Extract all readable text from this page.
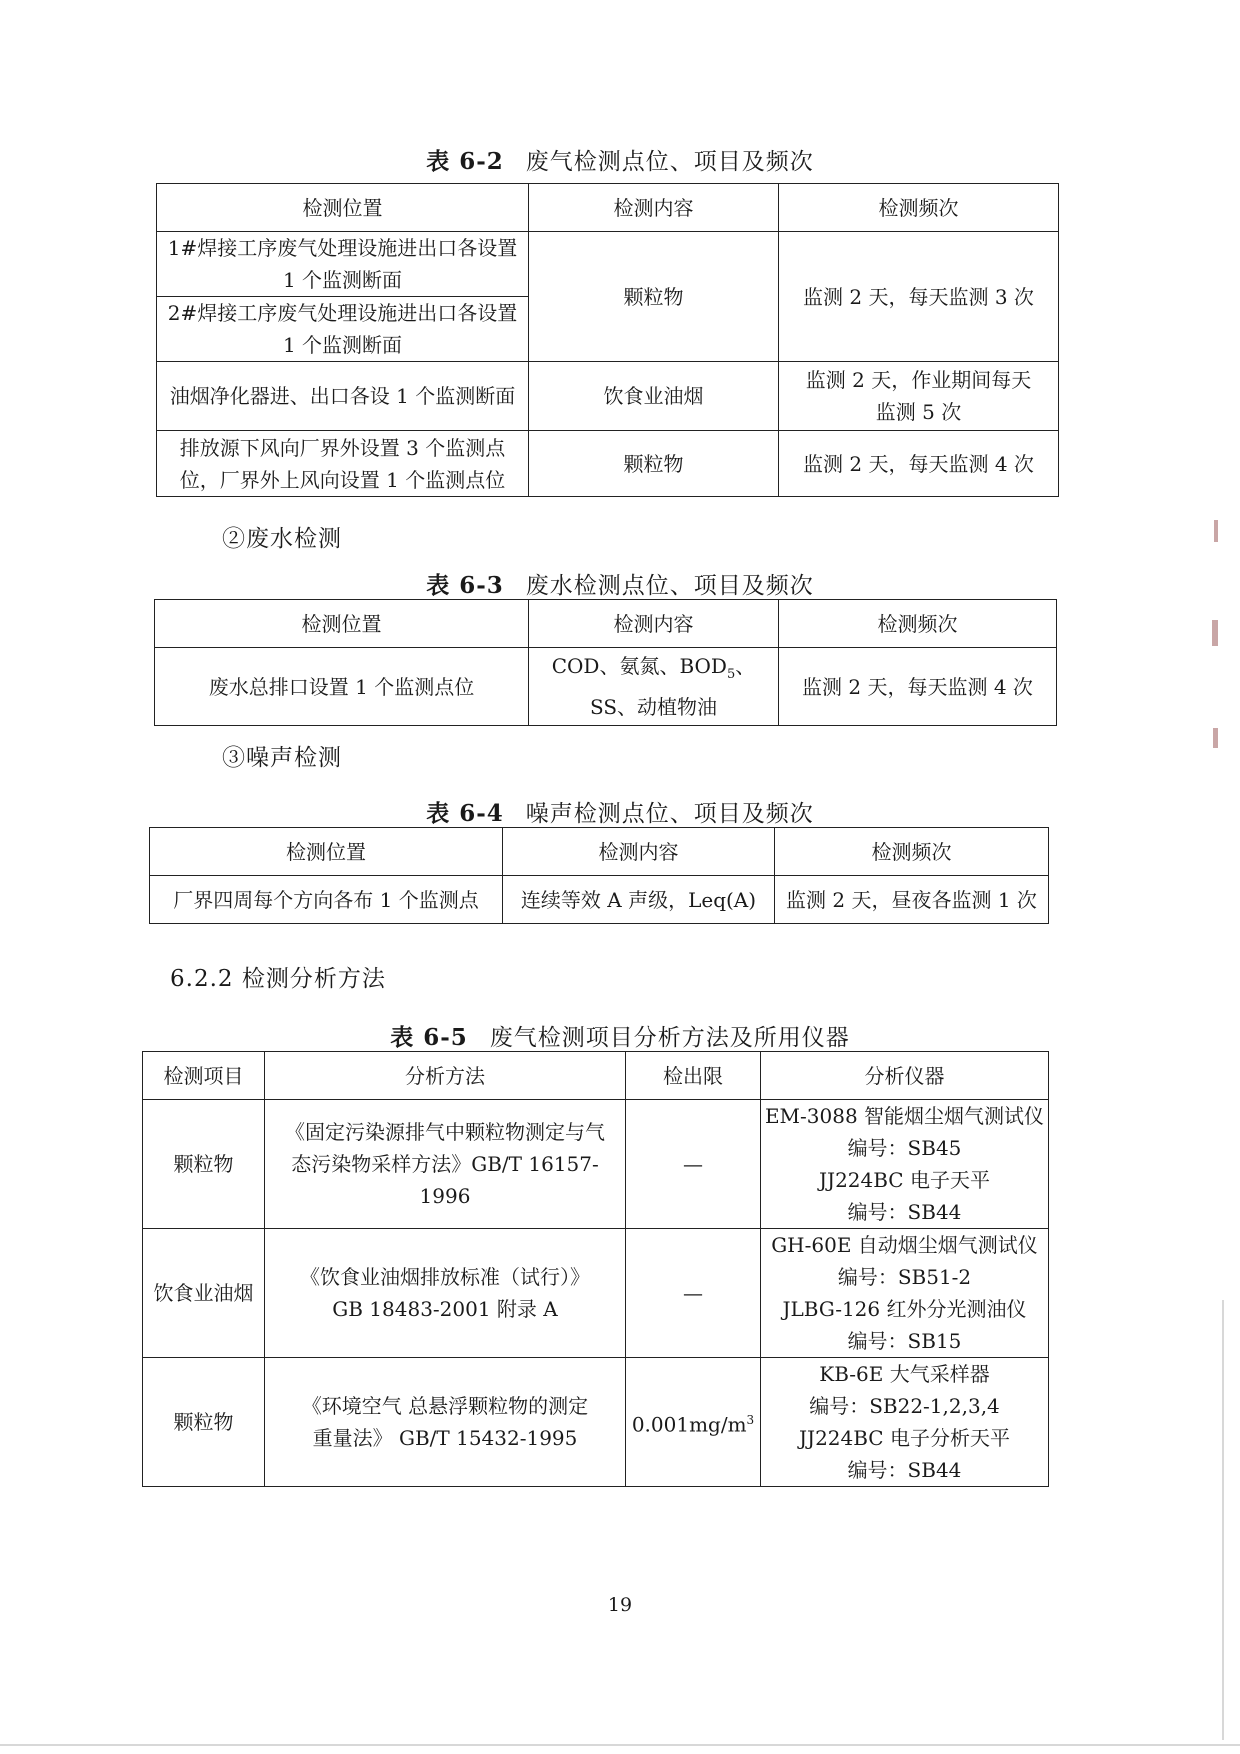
表 6-2 废气检测点位、项目及频次
检测位置	检测内容	检测频次

1#焊接工序废气处理设施进出口各设置
1 个监测断面	颗粒物	监测 2 天，每天监测 3 次

2#焊接工序废气处理设施进出口各设置
1 个监测断面		

油烟净化器进、出口各设 1 个监测断面	饮食业油烟	监测 2 天，作业期间每天
监测 5 次

排放源下风向厂界外设置 3 个监测点
位，厂界外上风向设置 1 个监测点位	颗粒物	监测 2 天，每天监测 4 次
②废水检测
表 6-3 废水检测点位、项目及频次
检测位置	检测内容	检测频次
废水总排口设置 1 个监测点位	COD、氨氮、$BOD_5$、
SS、动植物油	监测 2 天，每天监测 4 次
③噪声检测
表 6-4 噪声检测点位、项目及频次
检测位置	检测内容	检测频次
厂界四周每个方向各布 1 个监测点	连续等效 A 声级，Leq(A)	监测 2 天，昼夜各监测 1 次
6.2.2 检测分析方法
表 6-5 废气检测项目分析方法及所用仪器
检测项目	分析方法	检出限	分析仪器
颗粒物	《固定污染源排气中颗粒物测定与气
态污染物采样方法》GB/T 16157-1996	—	EM-3088 智能烟尘烟气测试仪
编号：SB45
JJ224BC 电子天平
编号：SB44

饮食业油烟	《饮食业油烟排放标准（试行）》
GB 18483-2001 附录 A	—	GH-60E 自动烟尘烟气测试仪
编号：SB51-2
JLBG-126 红外分光测油仪
编号：SB15

颗粒物	《环境空气 总悬浮颗粒物的测定
重量法》 GB/T 15432-1995	$0.001mg/m^3$	KB-6E 大气采样器
编号：SB22-1,2,3,4
JJ224BC 电子分析天平
编号：SB44
19
